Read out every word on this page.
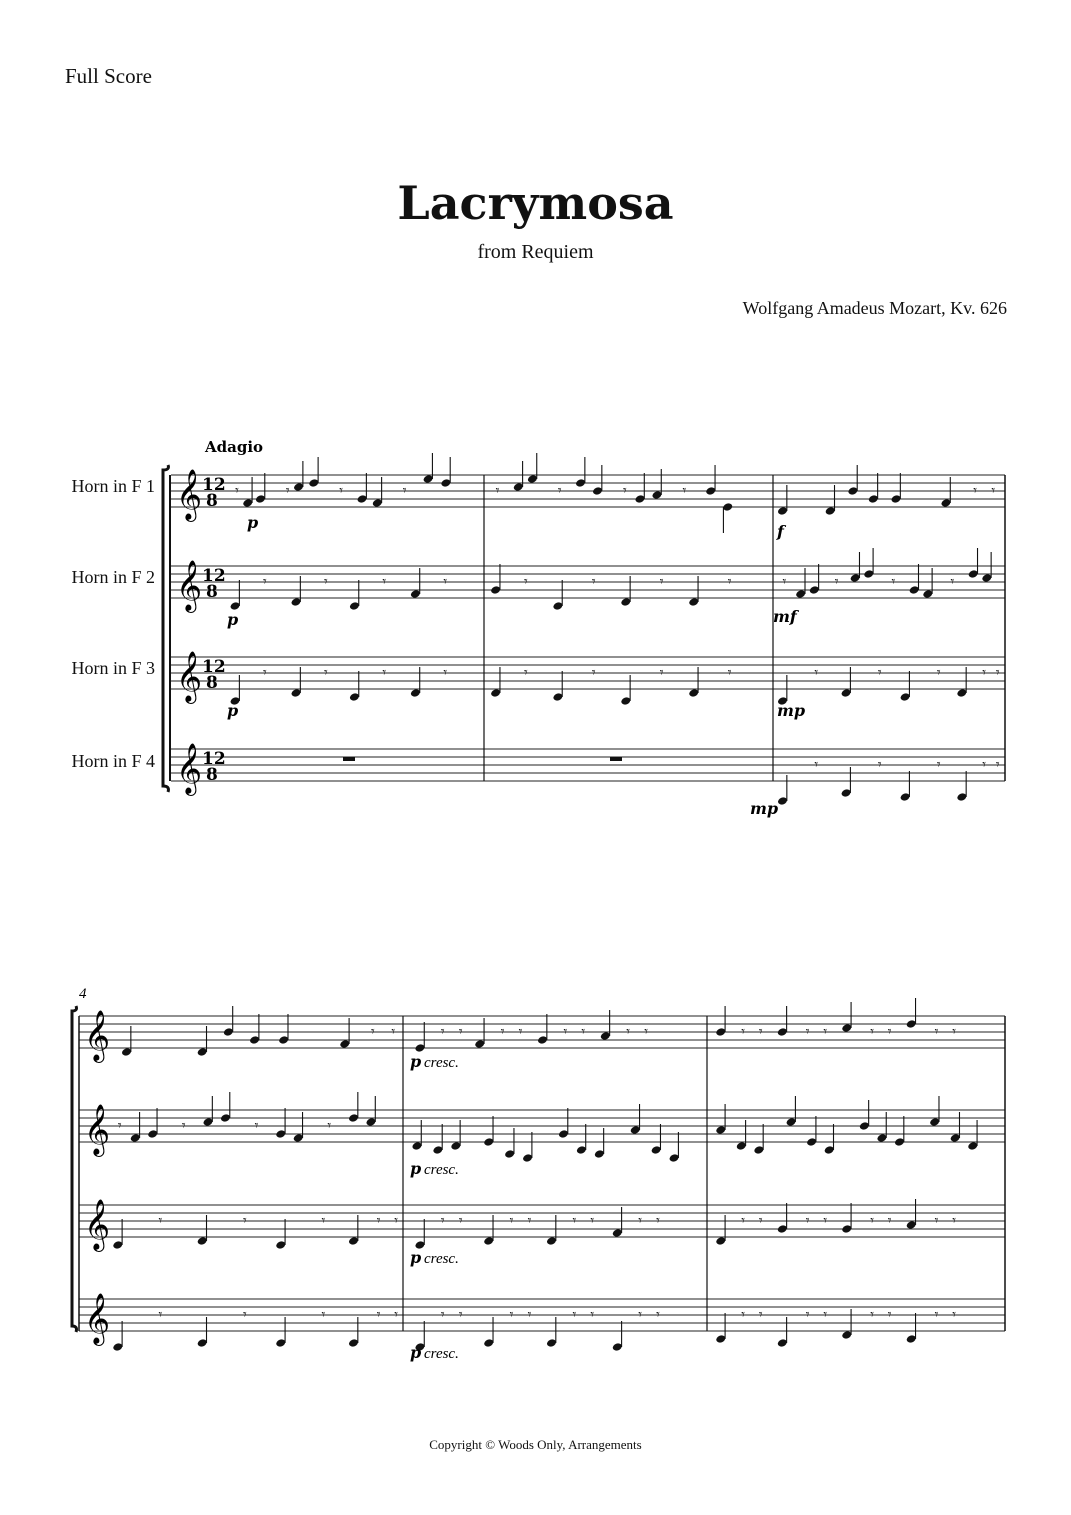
Full Score
Lacrymosa
from Requiem
Wolfgang Amadeus Mozart, Kv. 626
Horn in F 1
Horn in F 2
Horn in F 3
Horn in F 4
Adagio
𝄞 12
8
𝄞 12
8
𝄞 12
8
𝄞 12
8
𝄾	𝄾	𝄾	𝄾	𝄾	𝄾	𝄾	𝄾	𝄾 𝄾
p	f
𝄾	𝄾	𝄾	𝄾	𝄾	𝄾	𝄾	𝄾	𝄾	𝄾	𝄾	𝄾
p	mf
𝄾	𝄾	𝄾	𝄾	𝄾	𝄾	𝄾	𝄾	𝄾	𝄾	𝄾	𝄾 𝄾
p	mp
𝄾	𝄾	𝄾	𝄾 𝄾
mp
𝄞
𝄞
𝄞
𝄞
𝄾 𝄾	𝄾 𝄾	𝄾 𝄾	𝄾 𝄾	𝄾 𝄾	𝄾 𝄾	𝄾 𝄾	𝄾 𝄾	𝄾 𝄾
p cresc.
𝄾	𝄾	𝄾	𝄾
p cresc.
𝄾	𝄾	𝄾	𝄾 𝄾	𝄾 𝄾	𝄾 𝄾	𝄾 𝄾	𝄾 𝄾	𝄾 𝄾	𝄾 𝄾	𝄾 𝄾	𝄾 𝄾
p cresc.
𝄾	𝄾	𝄾	𝄾 𝄾	𝄾 𝄾	𝄾 𝄾	𝄾 𝄾	𝄾 𝄾	𝄾 𝄾	𝄾 𝄾	𝄾 𝄾	𝄾 𝄾
p cresc.
4
Copyright © Woods Only, Arrangements
